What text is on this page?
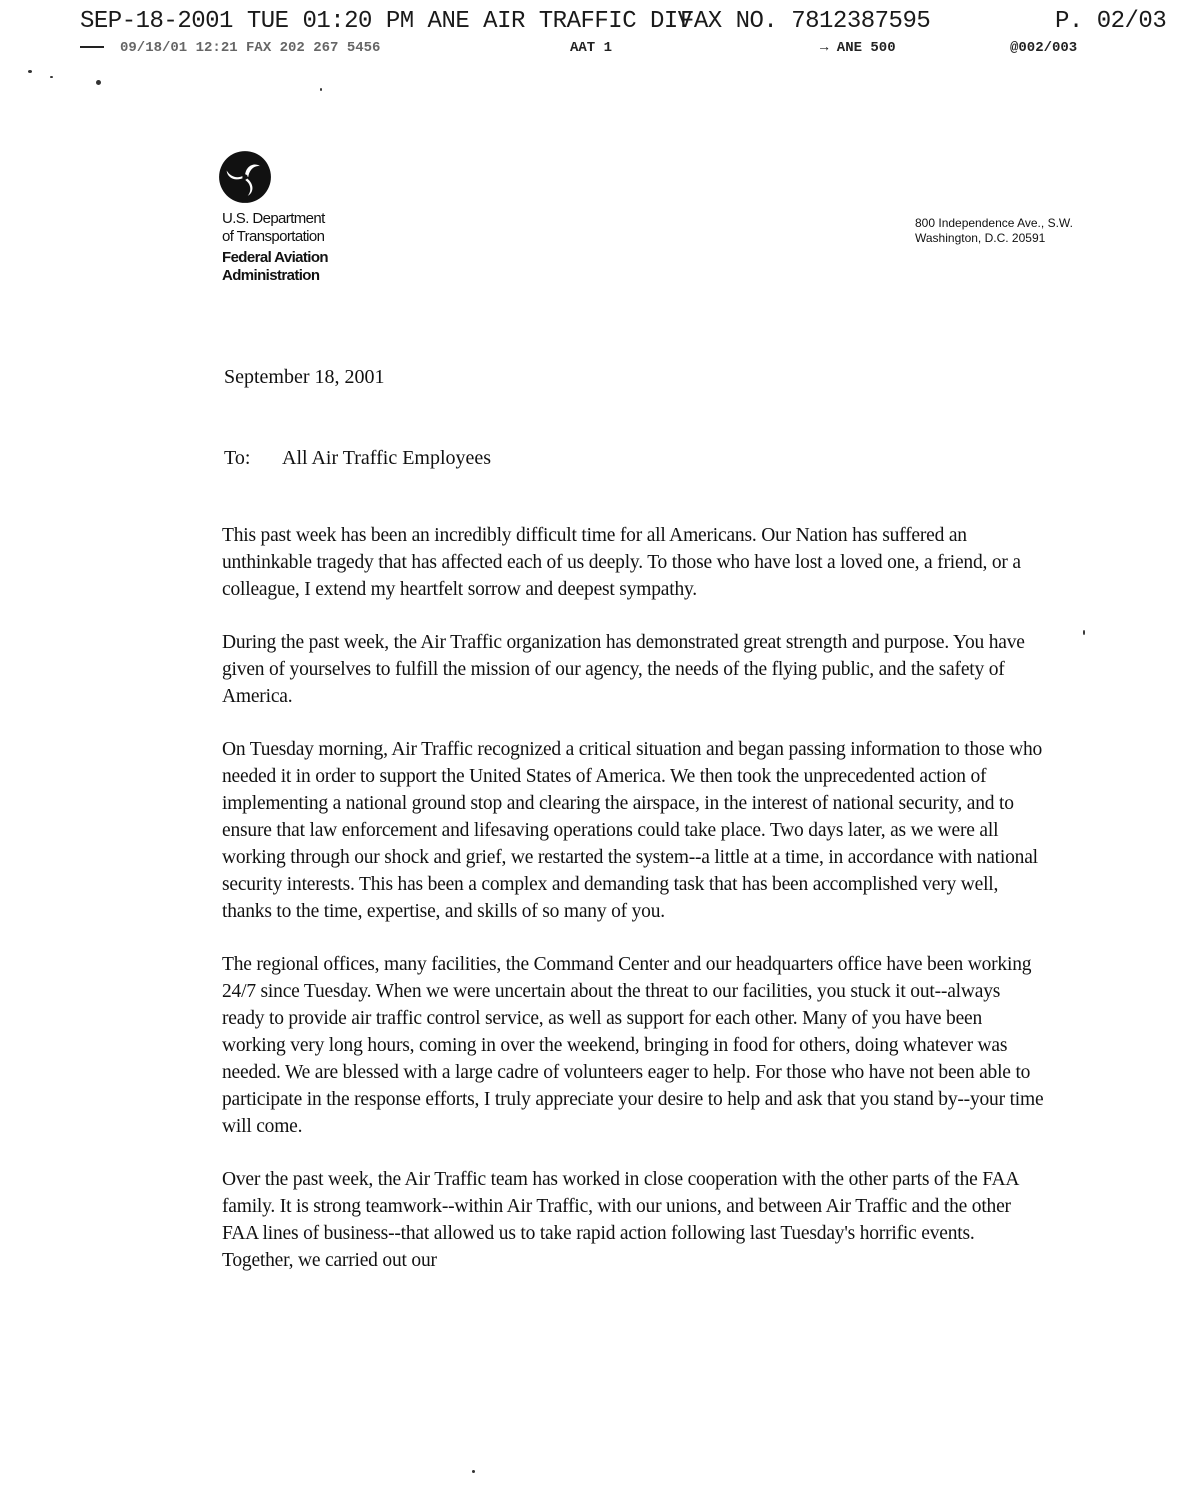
SEP-18-2001 TUE 01:20 PM ANE AIR TRAFFIC DIV
FAX NO. 7812387595	P. 02/03
09/18/01 12:21 FAX 202 267 5456	AAT 1	→ ANE 500	@002/003
U.S. Department
of Transportation
Federal Aviation
Administration
800 Independence Ave., S.W.
Washington, D.C. 20591
September 18, 2001
To: All Air Traffic Employees

This past week has been an incredibly difficult time for all Americans. Our Nation has suffered an unthinkable tragedy that has affected each of us deeply. To those who have lost a loved one, a friend, or a colleague, I extend my heartfelt sorrow and deepest sympathy.

During the past week, the Air Traffic organization has demonstrated great strength and purpose. You have given of yourselves to fulfill the mission of our agency, the needs of the flying public, and the safety of America.

On Tuesday morning, Air Traffic recognized a critical situation and began passing information to those who needed it in order to support the United States of America. We then took the unprecedented action of implementing a national ground stop and clearing the airspace, in the interest of national security, and to ensure that law enforcement and lifesaving operations could take place. Two days later, as we were all working through our shock and grief, we restarted the system--a little at a time, in accordance with national security interests. This has been a complex and demanding task that has been accomplished very well, thanks to the time, expertise, and skills of so many of you.

The regional offices, many facilities, the Command Center and our headquarters office have been working 24/7 since Tuesday. When we were uncertain about the threat to our facilities, you stuck it out--always ready to provide air traffic control service, as well as support for each other. Many of you have been working very long hours, coming in over the weekend, bringing in food for others, doing whatever was needed. We are blessed with a large cadre of volunteers eager to help. For those who have not been able to participate in the response efforts, I truly appreciate your desire to help and ask that you stand by--your time will come.

Over the past week, the Air Traffic team has worked in close cooperation with the other parts of the FAA family. It is strong teamwork--within Air Traffic, with our unions, and between Air Traffic and the other FAA lines of business--that allowed us to take rapid action following last Tuesday's horrific events. Together, we carried out our
